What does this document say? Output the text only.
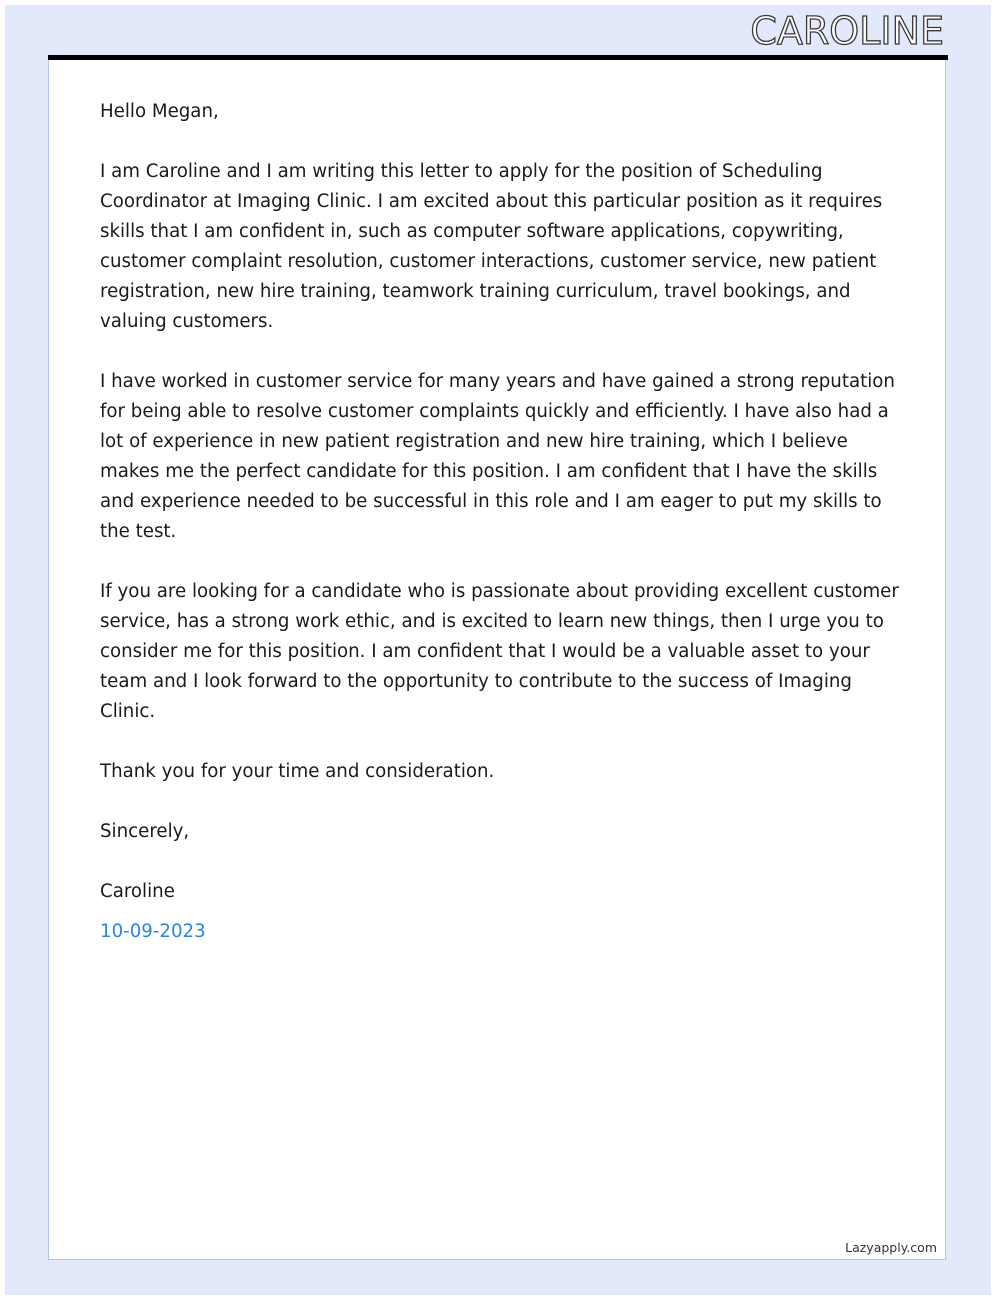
CAROLINE

Hello Megan,

I am Caroline and I am writing this letter to apply for the position of Scheduling Coordinator at Imaging Clinic. I am excited about this particular position as it requires skills that I am confident in, such as computer software applications, copywriting, customer complaint resolution, customer interactions, customer service, new patient registration, new hire training, teamwork training curriculum, travel bookings, and valuing customers.

I have worked in customer service for many years and have gained a strong reputation for being able to resolve customer complaints quickly and efficiently. I have also had a lot of experience in new patient registration and new hire training, which I believe makes me the perfect candidate for this position. I am confident that I have the skills and experience needed to be successful in this role and I am eager to put my skills to the test.

If you are looking for a candidate who is passionate about providing excellent customer service, has a strong work ethic, and is excited to learn new things, then I urge you to consider me for this position. I am confident that I would be a valuable asset to your team and I look forward to the opportunity to contribute to the success of Imaging Clinic.

Thank you for your time and consideration.

Sincerely,

Caroline

10-09-2023

Lazyapply.com
